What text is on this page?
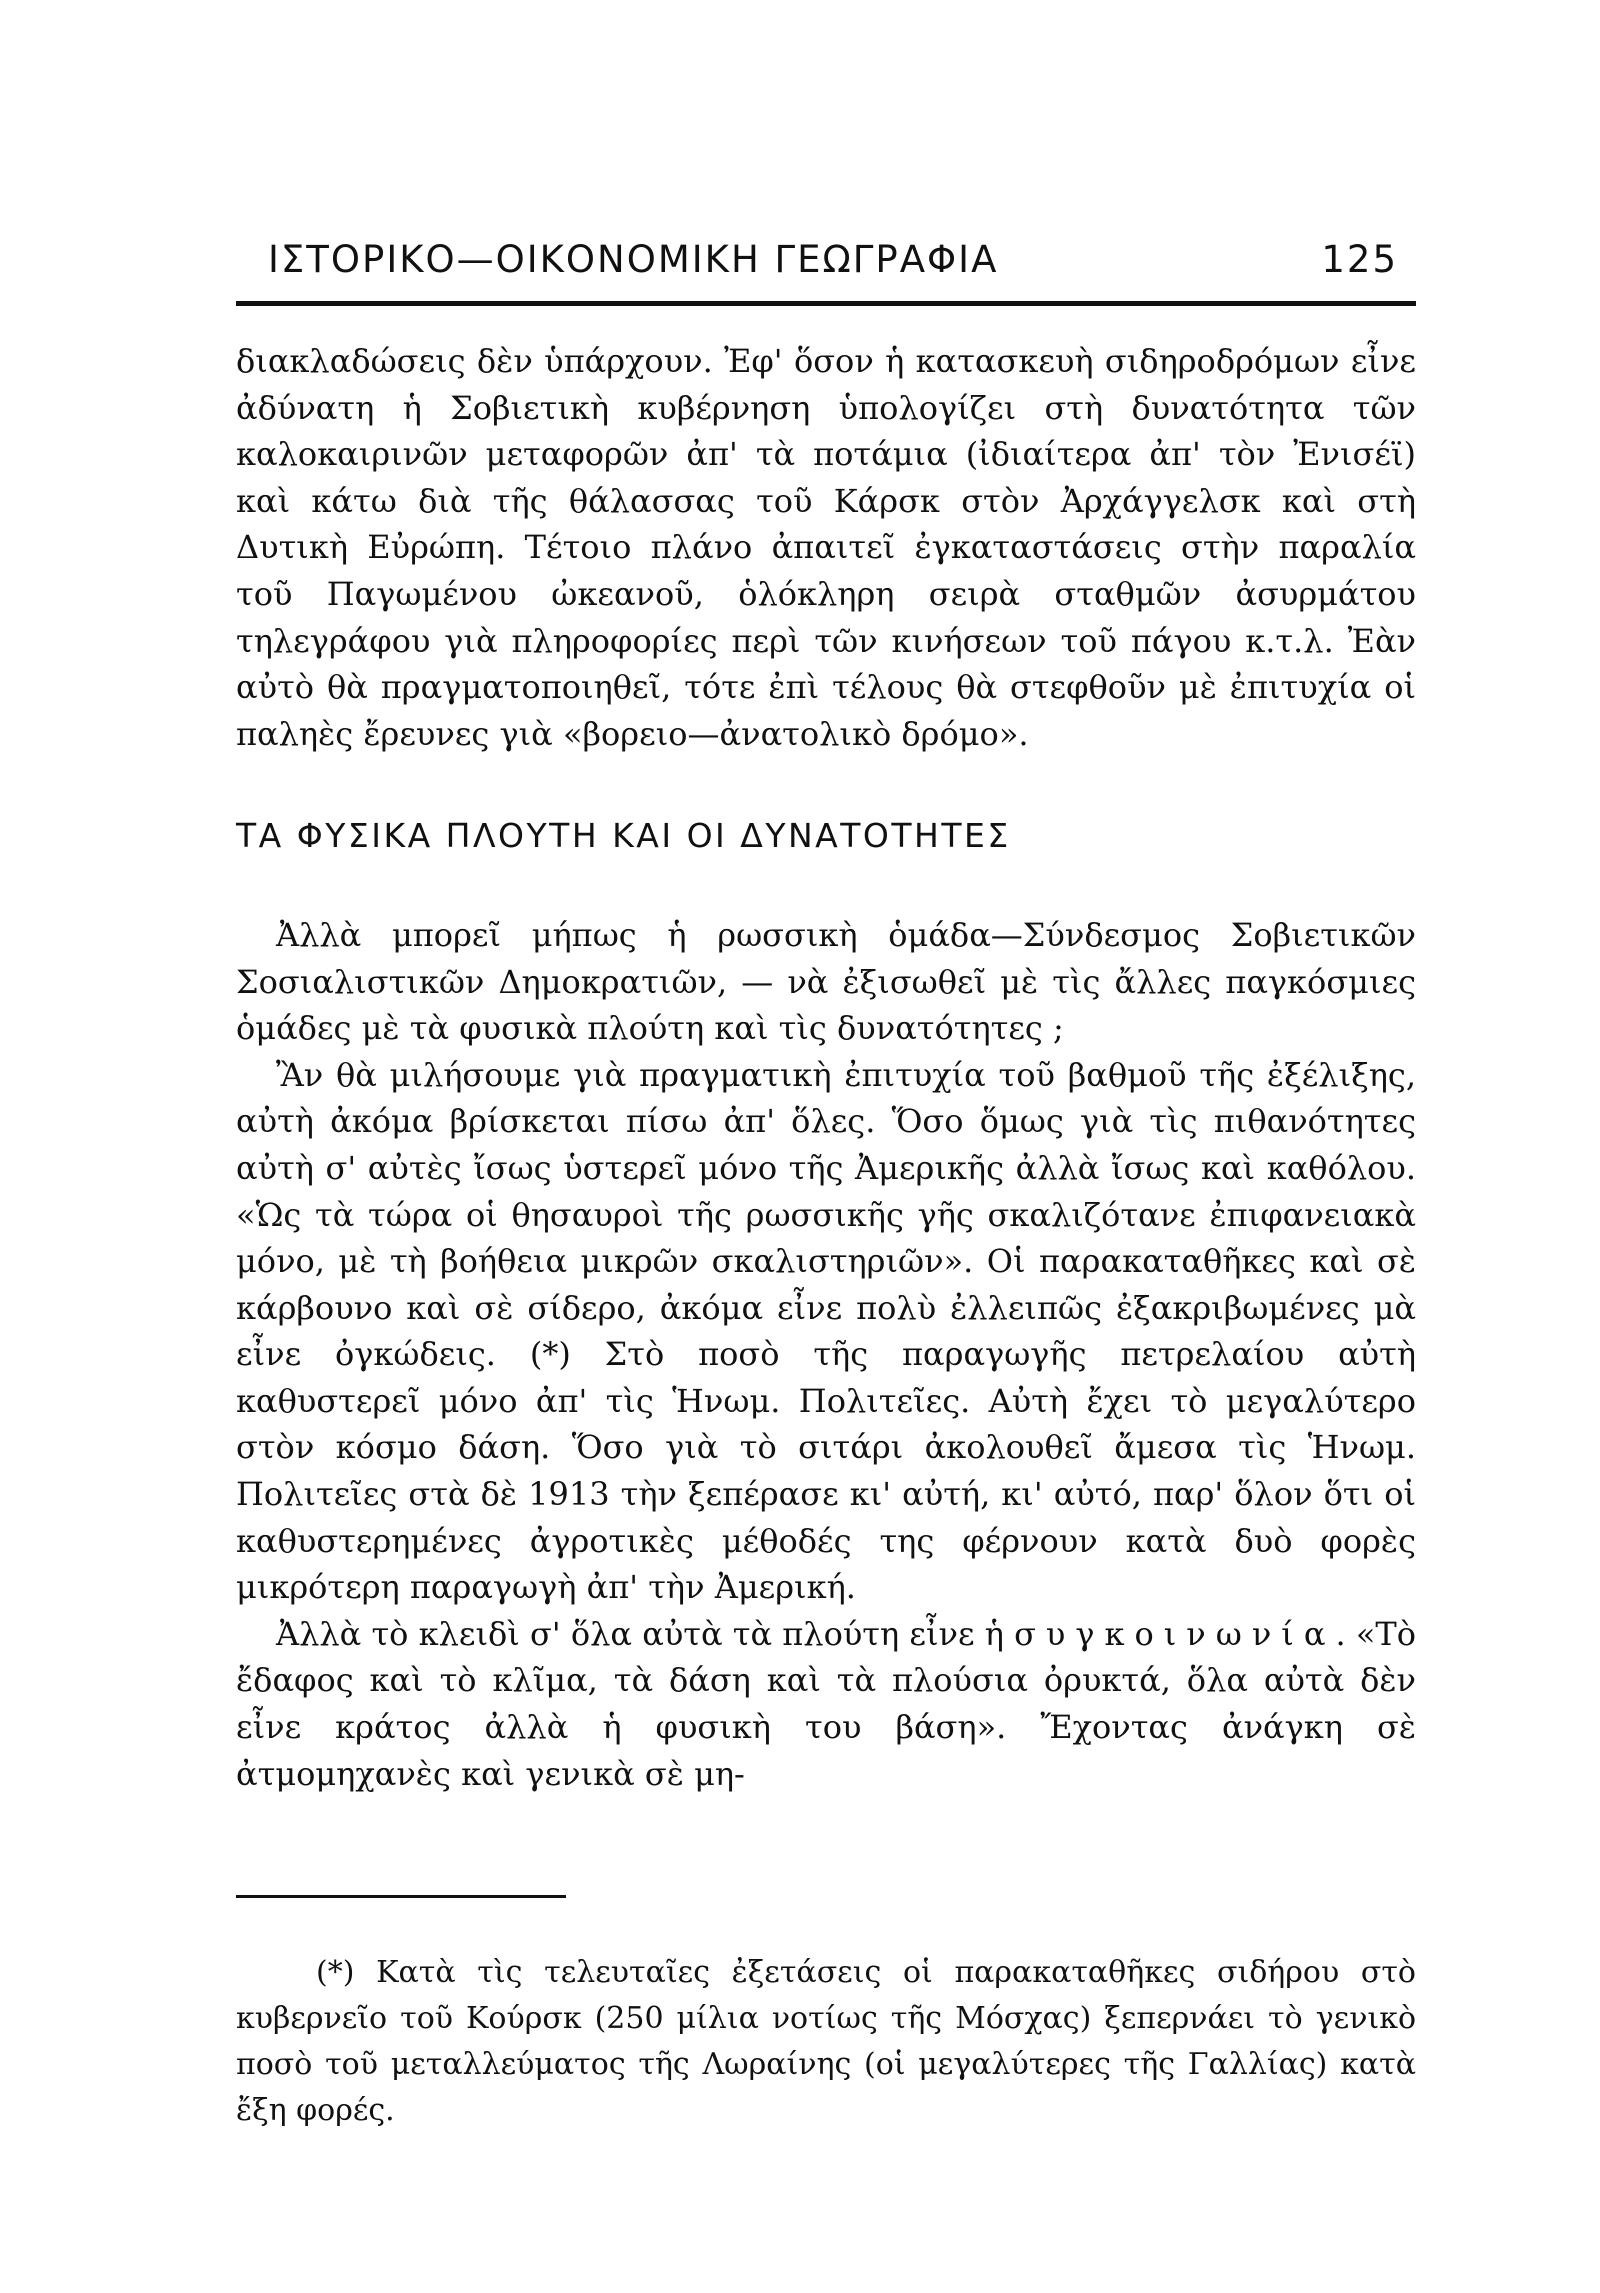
ΙΣΤΟΡΙΚΟ—ΟΙΚΟΝΟΜΙΚΗ ΓΕΩΓΡΑΦΙΑ	125

διακλαδώσεις δὲν ὑπάρχουν. Ἐφ' ὅσον ἡ κατασκευὴ σιδηροδρόμων εἶνε ἀδύνατη ἡ Σοβιετικὴ κυβέρνηση ὑπολογίζει στὴ δυνατότητα τῶν καλοκαιρινῶν μεταφορῶν ἀπ' τὰ ποτάμια (ἰδιαίτερα ἀπ' τὸν Ἐνισέϊ) καὶ κάτω διὰ τῆς θάλασσας τοῦ Κάρσκ στὸν Ἀρχάγγελσκ καὶ στὴ Δυτικὴ Εὐρώπη. Τέτοιο πλάνο ἀπαιτεῖ ἐγκαταστάσεις στὴν παραλία τοῦ Παγωμένου ὠκεανοῦ, ὁλόκληρη σειρὰ σταθμῶν ἀσυρμάτου τηλεγράφου γιὰ πληροφορίες περὶ τῶν κινήσεων τοῦ πάγου κ.τ.λ. Ἐὰν αὐτὸ θὰ πραγματοποιηθεῖ, τότε ἐπὶ τέλους θὰ στεφθοῦν μὲ ἐπιτυχία οἱ παληὲς ἔρευνες γιὰ «βορειο—ἀνατολικὸ δρόμο».

ΤΑ ΦΥΣΙΚΑ ΠΛΟΥΤΗ ΚΑΙ ΟΙ ΔΥΝΑΤΟΤΗΤΕΣ

Ἀλλὰ μπορεῖ μήπως ἡ ρωσσικὴ ὁμάδα—Σύνδεσμος Σοβιετικῶν Σοσιαλιστικῶν Δημοκρατιῶν, — νὰ ἐξισωθεῖ μὲ τὶς ἄλλες παγκόσμιες ὁμάδες μὲ τὰ φυσικὰ πλούτη καὶ τὶς δυνατότητες ;

Ἂν θὰ μιλήσουμε γιὰ πραγματικὴ ἐπιτυχία τοῦ βαθμοῦ τῆς ἐξέλιξης, αὐτὴ ἀκόμα βρίσκεται πίσω ἀπ' ὅλες. Ὅσο ὅμως γιὰ τὶς πιθανότητες αὐτὴ σ' αὐτὲς ἴσως ὑστερεῖ μόνο τῆς Ἀμερικῆς ἀλλὰ ἴσως καὶ καθόλου. «Ὡς τὰ τώρα οἱ θησαυροὶ τῆς ρωσσικῆς γῆς σκαλιζότανε ἐπιφανειακὰ μόνο, μὲ τὴ βοήθεια μικρῶν σκαλιστηριῶν». Οἱ παρακαταθῆκες καὶ σὲ κάρβουνο καὶ σὲ σίδερο, ἀκόμα εἶνε πολὺ ἐλλειπῶς ἐξακριβωμένες μὰ εἶνε ὀγκώδεις. (*) Στὸ ποσὸ τῆς παραγωγῆς πετρελαίου αὐτὴ καθυστερεῖ μόνο ἀπ' τὶς Ἡνωμ. Πολιτεῖες. Αὐτὴ ἔχει τὸ μεγαλύτερο στὸν κόσμο δάση. Ὅσο γιὰ τὸ σιτάρι ἀκολουθεῖ ἄμεσα τὶς Ἡνωμ. Πολιτεῖες στὰ δὲ 1913 τὴν ξεπέρασε κι' αὐτή, κι' αὐτό, παρ' ὅλον ὅτι οἱ καθυστερημένες ἀγροτικὲς μέθοδές της φέρνουν κατὰ δυὸ φορὲς μικρότερη παραγωγὴ ἀπ' τὴν Ἀμερική.

Ἀλλὰ τὸ κλειδὶ σ' ὅλα αὐτὰ τὰ πλούτη εἶνε ἡ συγκοινωνία. «Τὸ ἔδαφος καὶ τὸ κλῖμα, τὰ δάση καὶ τὰ πλούσια ὀρυκτά, ὅλα αὐτὰ δὲν εἶνε κράτος ἀλλὰ ἡ φυσικὴ του βάση». Ἔχοντας ἀνάγκη σὲ ἀτμομηχανὲς καὶ γενικὰ σὲ μη-

(*) Κατὰ τὶς τελευταῖες ἐξετάσεις οἱ παρακαταθῆκες σιδήρου στὸ κυβερνεῖο τοῦ Κούρσκ (250 μίλια νοτίως τῆς Μόσχας) ξεπερνάει τὸ γενικὸ ποσὸ τοῦ μεταλλεύματος τῆς Λωραίνης (οἱ μεγαλύτερες τῆς Γαλλίας) κατὰ ἔξη φορές.
